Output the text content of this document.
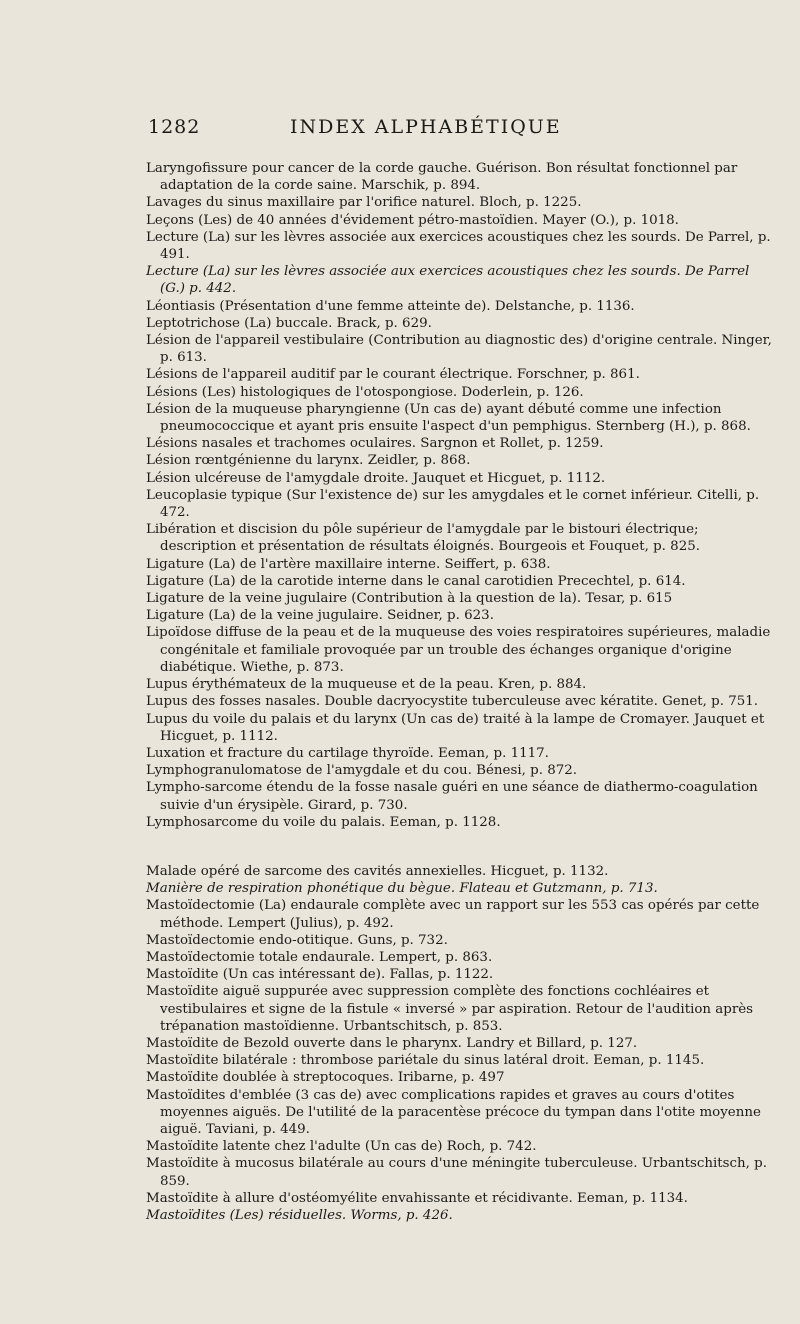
1282	INDEX ALPHABÉTIQUE

Laryngofissure pour cancer de la corde gauche. Guérison. Bon résultat fonctionnel par adaptation de la corde saine. Marschik, p. 894.

Lavages du sinus maxillaire par l'orifice naturel. Bloch, p. 1225.

Leçons (Les) de 40 années d'évidement pétro-mastoïdien. Mayer (O.), p. 1018.

Lecture (La) sur les lèvres associée aux exercices acoustiques chez les sourds. De Parrel, p. 491.

Lecture (La) sur les lèvres associée aux exercices acoustiques chez les sourds. De Parrel (G.) p. 442.

Léontiasis (Présentation d'une femme atteinte de). Delstanche, p. 1136.

Leptotrichose (La) buccale. Brack, p. 629.

Lésion de l'appareil vestibulaire (Contribution au diagnostic des) d'origine centrale. Ninger, p. 613.

Lésions de l'appareil auditif par le courant électrique. Forschner, p. 861.

Lésions (Les) histologiques de l'otospongiose. Doderlein, p. 126.

Lésion de la muqueuse pharyngienne (Un cas de) ayant débuté comme une infection pneumococcique et ayant pris ensuite l'aspect d'un pemphigus. Sternberg (H.), p. 868.

Lésions nasales et trachomes oculaires. Sargnon et Rollet, p. 1259.

Lésion rœntgénienne du larynx. Zeidler, p. 868.

Lésion ulcéreuse de l'amygdale droite. Jauquet et Hicguet, p. 1112.

Leucoplasie typique (Sur l'existence de) sur les amygdales et le cornet inférieur. Citelli, p. 472.

Libération et discision du pôle supérieur de l'amygdale par le bistouri électrique; description et présentation de résultats éloignés. Bourgeois et Fouquet, p. 825.

Ligature (La) de l'artère maxillaire interne. Seiffert, p. 638.

Ligature (La) de la carotide interne dans le canal carotidien Precechtel, p. 614.

Ligature de la veine jugulaire (Contribution à la question de la). Tesar, p. 615

Ligature (La) de la veine jugulaire. Seidner, p. 623.

Lipoïdose diffuse de la peau et de la muqueuse des voies respiratoires supérieures, maladie congénitale et familiale provoquée par un trouble des échanges organique d'origine diabétique. Wiethe, p. 873.

Lupus érythémateux de la muqueuse et de la peau. Kren, p. 884.

Lupus des fosses nasales. Double dacryocystite tuberculeuse avec kératite. Genet, p. 751.

Lupus du voile du palais et du larynx (Un cas de) traité à la lampe de Cromayer. Jauquet et Hicguet, p. 1112.

Luxation et fracture du cartilage thyroïde. Eeman, p. 1117.

Lymphogranulomatose de l'amygdale et du cou. Bénesi, p. 872.

Lympho-sarcome étendu de la fosse nasale guéri en une séance de diathermo-coagulation suivie d'un érysipèle. Girard, p. 730.

Lymphosarcome du voile du palais. Eeman, p. 1128.

Malade opéré de sarcome des cavités annexielles. Hicguet, p. 1132.

Manière de respiration phonétique du bègue. Flateau et Gutzmann, p. 713.

Mastoïdectomie (La) endaurale complète avec un rapport sur les 553 cas opérés par cette méthode. Lempert (Julius), p. 492.

Mastoïdectomie endo-otitique. Guns, p. 732.

Mastoïdectomie totale endaurale. Lempert, p. 863.

Mastoïdite (Un cas intéressant de). Fallas, p. 1122.

Mastoïdite aiguë suppurée avec suppression complète des fonctions cochléaires et vestibulaires et signe de la fistule « inversé » par aspiration. Retour de l'audition après trépanation mastoïdienne. Urbantschitsch, p. 853.

Mastoïdite de Bezold ouverte dans le pharynx. Landry et Billard, p. 127.

Mastoïdite bilatérale : thrombose pariétale du sinus latéral droit. Eeman, p. 1145.

Mastoïdite doublée à streptocoques. Iribarne, p. 497

Mastoïdites d'emblée (3 cas de) avec complications rapides et graves au cours d'otites moyennes aiguës. De l'utilité de la paracentèse précoce du tympan dans l'otite moyenne aiguë. Taviani, p. 449.

Mastoïdite latente chez l'adulte (Un cas de) Roch, p. 742.

Mastoïdite à mucosus bilatérale au cours d'une méningite tuberculeuse. Urbantschitsch, p. 859.

Mastoïdite à allure d'ostéomyélite envahissante et récidivante. Eeman, p. 1134.

Mastoïdites (Les) résiduelles. Worms, p. 426.
